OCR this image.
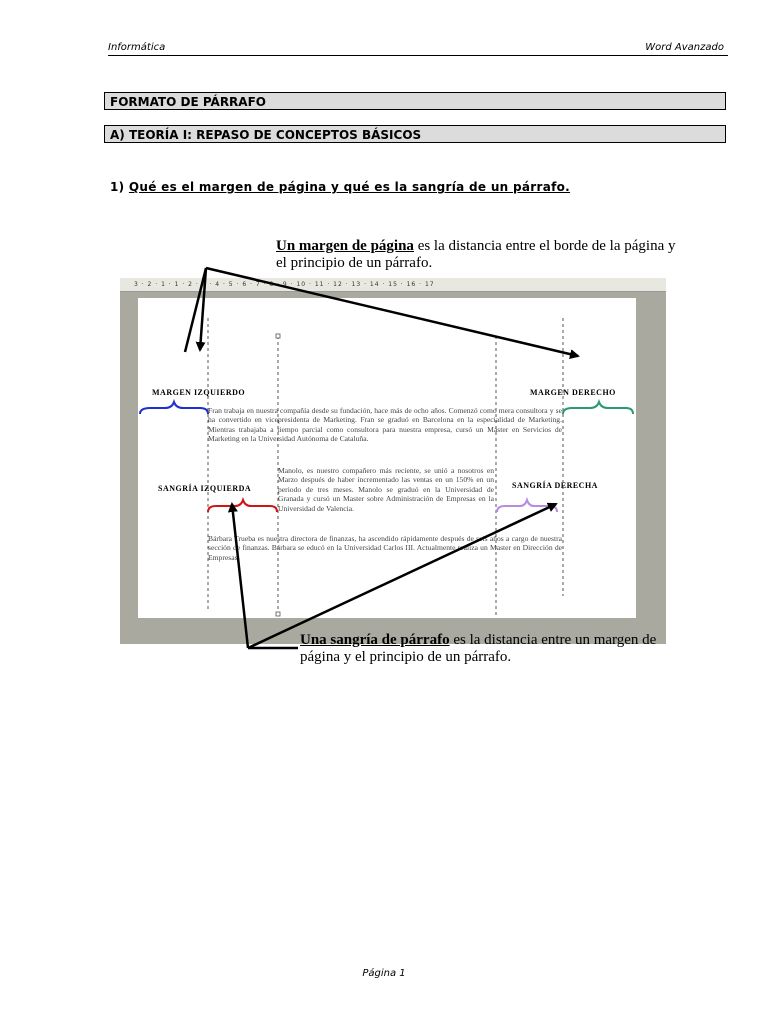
Informática	Word Avanzado
FORMATO DE PÁRRAFO
A) TEORÍA I: REPASO DE CONCEPTOS BÁSICOS
1) Qué es el margen de página y qué es la sangría de un párrafo.
Un margen de página es la distancia entre el borde de la página y el principio de un párrafo.
3 · 2 · 1 · 1 · 2 · 3 · 4 · 5 · 6 · 7 · 8 · 9 · 10 · 11 · 12 · 13 · 14 · 15 · 16 · 17
MARGEN IZQUIERDO	MARGEN DERECHO
SANGRÍA IZQUIERDA	SANGRÍA DERECHA
Fran trabaja en nuestra compañía desde su fundación, hace más de ocho años. Comenzó como mera consultora y se ha convertido en vicepresidenta de Marketing. Fran se graduó en Barcelona en la especialidad de Marketing. Mientras trabajaba a tiempo parcial como consultora para nuestra empresa, cursó un Master en Servicios de Marketing en la Universidad Autónoma de Cataluña.
Manolo, es nuestro compañero más reciente, se unió a nosotros en Marzo después de haber incrementado las ventas en un 150% en un periodo de tres meses. Manolo se graduó en la Universidad de Granada y cursó un Master sobre Administración de Empresas en la Universidad de Valencia.
Bárbara Trueba es nuestra directora de finanzas, ha ascendido rápidamente después de seis años a cargo de nuestra sección de finanzas. Bárbara se educó en la Universidad Carlos III. Actualmente realiza un Master en Dirección de Empresas.
Una sangría de párrafo es la distancia entre un margen de página y el principio de un párrafo.
Página 1
